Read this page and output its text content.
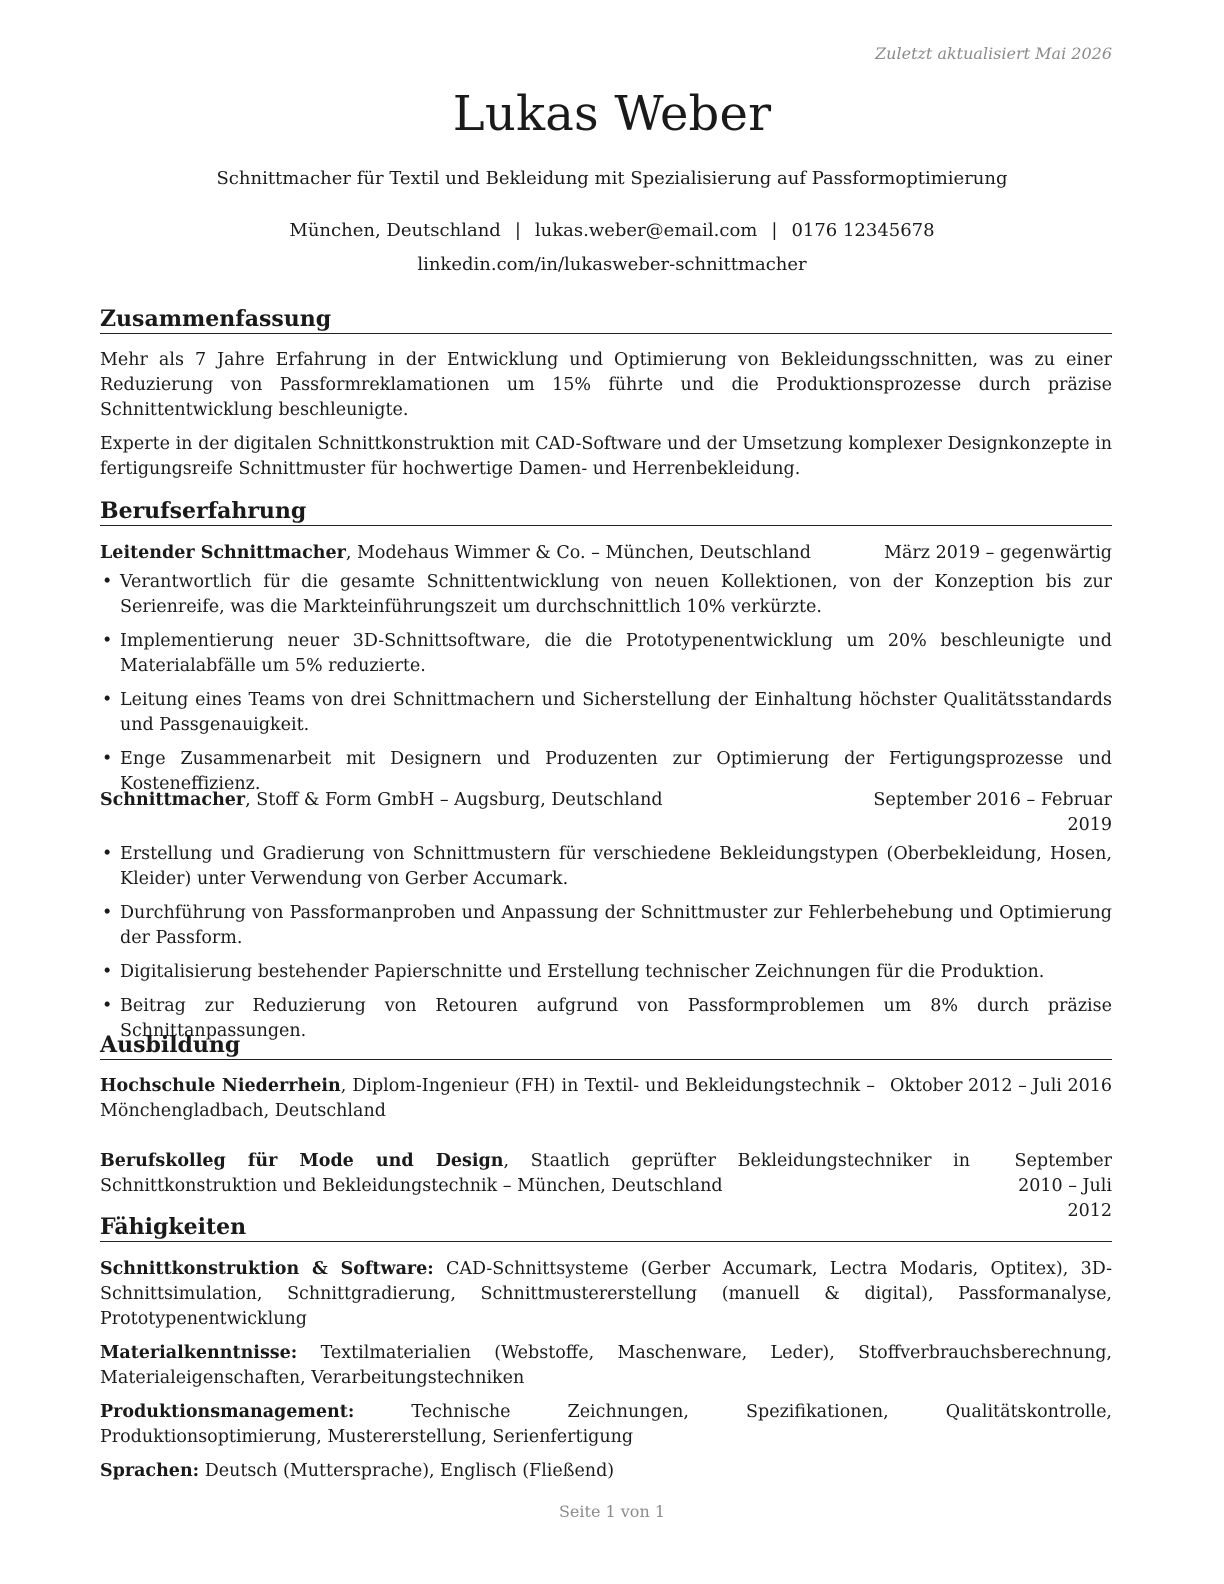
Zuletzt aktualisiert Mai 2026
Lukas Weber
Schnittmacher für Textil und Bekleidung mit Spezialisierung auf Passformoptimierung
München, Deutschland | lukas.weber@email.com | 0176 12345678
linkedin.com/in/lukasweber-schnittmacher
Zusammenfassung

Mehr als 7 Jahre Erfahrung in der Entwicklung und Optimierung von Bekleidungsschnitten, was zu einer Reduzierung von Passformreklamationen um 15% führte und die Produktionsprozesse durch präzise Schnittentwicklung beschleunigte.

Experte in der digitalen Schnittkonstruktion mit CAD-Software und der Umsetzung komplexer Designkonzepte in fertigungsreife Schnittmuster für hochwertige Damen- und Herrenbekleidung.

Berufserfahrung
Leitender Schnittmacher, Modehaus Wimmer & Co. – München, Deutschland	März 2019 – gegenwärtig
• Verantwortlich für die gesamte Schnittentwicklung von neuen Kollektionen, von der Konzeption bis zur Serienreife, was die Markteinführungszeit um durchschnittlich 10% verkürzte.
• Implementierung neuer 3D-Schnittsoftware, die die Prototypenentwicklung um 20% beschleunigte und Materialabfälle um 5% reduzierte.
• Leitung eines Teams von drei Schnittmachern und Sicherstellung der Einhaltung höchster Qualitätsstandards und Passgenauigkeit.
• Enge Zusammenarbeit mit Designern und Produzenten zur Optimierung der Fertigungsprozesse und Kosteneffizienz.
Schnittmacher, Stoff & Form GmbH – Augsburg, Deutschland	September 2016 – Februar 2019
• Erstellung und Gradierung von Schnittmustern für verschiedene Bekleidungstypen (Oberbekleidung, Hosen, Kleider) unter Verwendung von Gerber Accumark.
• Durchführung von Passformanproben und Anpassung der Schnittmuster zur Fehlerbehebung und Optimierung der Passform.
• Digitalisierung bestehender Papierschnitte und Erstellung technischer Zeichnungen für die Produktion.
• Beitrag zur Reduzierung von Retouren aufgrund von Passformproblemen um 8% durch präzise Schnittanpassungen.
Ausbildung
Hochschule Niederrhein, Diplom-Ingenieur (FH) in Textil- und Bekleidungstechnik – Mönchengladbach, Deutschland
Oktober 2012 – Juli 2016
Berufskolleg für Mode und Design, Staatlich geprüfter Bekleidungstechniker in Schnittkonstruktion und Bekleidungstechnik – München, Deutschland
September 2010 – Juli 2012
Fähigkeiten

Schnittkonstruktion & Software: CAD-Schnittsysteme (Gerber Accumark, Lectra Modaris, Optitex), 3D-Schnittsimulation, Schnittgradierung, Schnittmustererstellung (manuell & digital), Passformanalyse, Prototypenentwicklung

Materialkenntnisse: Textilmaterialien (Webstoffe, Maschenware, Leder), Stoffverbrauchsberechnung, Materialeigenschaften, Verarbeitungstechniken

Produktionsmanagement: Technische Zeichnungen, Spezifikationen, Qualitätskontrolle, Produktionsoptimierung, Mustererstellung, Serienfertigung

Sprachen: Deutsch (Muttersprache), Englisch (Fließend)

Seite 1 von 1
